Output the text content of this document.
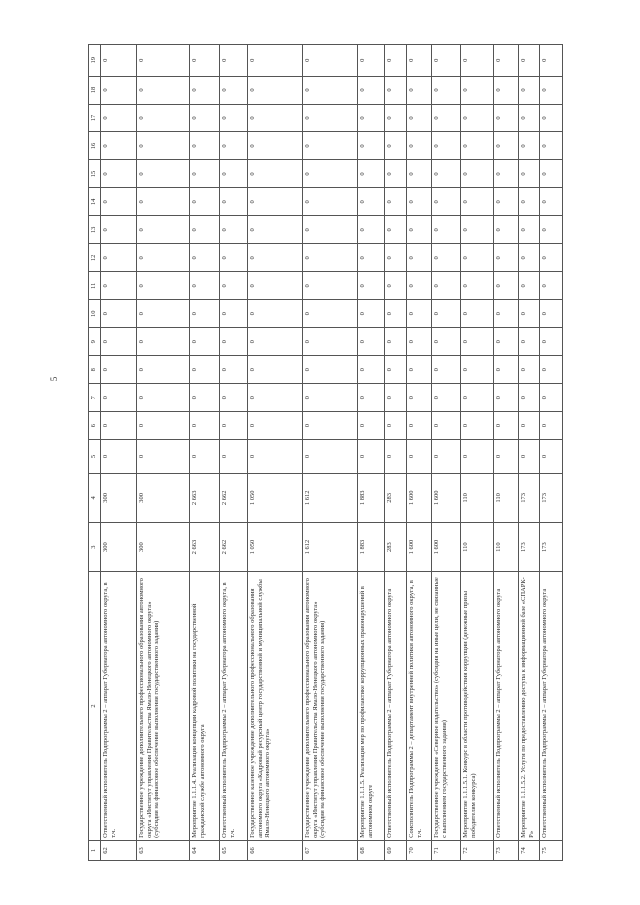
5
1	2	3	4	5	6	7	8	9	10	11	12	13	14	15	16	17	18	19
62	Ответственный исполнитель Подпрограммы 2 – аппарат Губернатора автономного округа, в т.ч.	300	300	0	0	0	0	0	0	0	0	0	0	0	0	0	0	0
63	Государственное учреждение дополнительного профессионального образования автономного округа «Институт управления Правительства Ямало-Ненецкого автономного округа» (субсидия на финансовое обеспечение выполнения государственного задания)	300	300	0	0	0	0	0	0	0	0	0	0	0	0	0	0	0
64	Мероприятие 1.1.1.4. Реализация концепции кадровой политики на государственной гражданской службе автономного округа	2 663	2 663	0	0	0	0	0	0	0	0	0	0	0	0	0	0	0
65	Ответственный исполнитель Подпрограммы 2 – аппарат Губернатора автономного округа, в т.ч.	2 662	2 662	0	0	0	0	0	0	0	0	0	0	0	0	0	0	0
66	Государственное казенное учреждение дополнительного профессионального образования автономного округа «Кадровый ресурсный центр государственной и муниципальной службы Ямало-Ненецкого автономного округа»	1 050	1 050	0	0	0	0	0	0	0	0	0	0	0	0	0	0	0
67	Государственное учреждение дополнительного профессионального образования автономного округа «Институт управления Правительства Ямало-Ненецкого автономного округа» (субсидия на финансовое обеспечение выполнения государственного задания)	1 612	1 612	0	0	0	0	0	0	0	0	0	0	0	0	0	0	0
68	Мероприятие 1.1.1.5. Реализация мер по профилактике коррупционных правонарушений в автономном округе	1 883	1 883	0	0	0	0	0	0	0	0	0	0	0	0	0	0	0
69	Ответственный исполнитель Подпрограммы 2 – аппарат Губернатора автономного округа	283	283	0	0	0	0	0	0	0	0	0	0	0	0	0	0	0
70	Соисполнитель Подпрограммы 2 – департамент внутренней политики автономного округа, в т.ч.	1 600	1 600	0	0	0	0	0	0	0	0	0	0	0	0	0	0	0
71	Государственное учреждение «Северное издательство» (субсидия на иные цели, не связанные с выполнением государственного задания)	1 600	1 600	0	0	0	0	0	0	0	0	0	0	0	0	0	0	0
72	Мероприятие 1.1.1.5.1. Конкурс в области противодействия коррупции (денежные призы победителям конкурса)	110	110	0	0	0	0	0	0	0	0	0	0	0	0	0	0	0
73	Ответственный исполнитель Подпрограммы 2 – аппарат Губернатора автономного округа	110	110	0	0	0	0	0	0	0	0	0	0	0	0	0	0	0
74	Мероприятие 1.1.1.5.2. Услуги по предоставлению доступа к информационной базе «СПАРК-Р»	173	173	0	0	0	0	0	0	0	0	0	0	0	0	0	0	0
75	Ответственный исполнитель Подпрограммы 2 – аппарат Губернатора автономного округа	173	173	0	0	0	0	0	0	0	0	0	0	0	0	0	0	0
